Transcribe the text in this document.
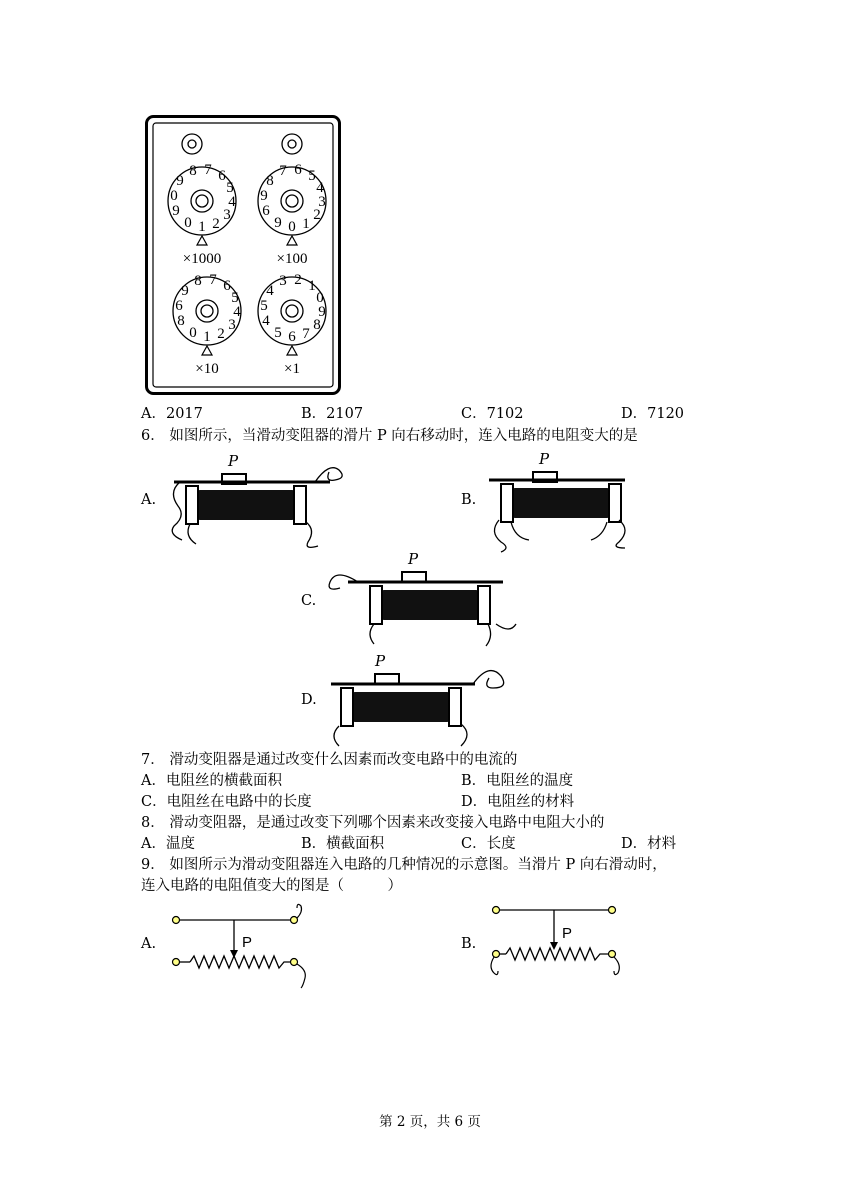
1 2
3
4
5
6
7
8
9
0
9
0
×1000
0 1
2
3
4
5
6
7
8
9
6
9
×100
1 2
3
4
5
6
7
8
9
6
8
0
×10
6 7
8
9
0
1
2
3
4
5
4
5
×1
A．2017	B．2107	C．7102	D．7120
6． 如图所示，当滑动变阻器的滑片 P 向右移动时，连入电路的电阻变大的是
A.
P
B.
P
C.
P
D.
P
7． 滑动变阻器是通过改变什么因素而改变电路中的电流的
A．电阻丝的横截面积	B．电阻丝的温度
C．电阻丝在电路中的长度	D．电阻丝的材料
8． 滑动变阻器，是通过改变下列哪个因素来改变接入电路中电阻大小的
A．温度	B．横截面积	C．长度	D．材料
9． 如图所示为滑动变阻器连入电路的几种情况的示意图。当滑片 P 向右滑动时，
连入电路的电阻值变大的图是（　　　）
A.	P	B.
P
第 2 页，共 6 页
